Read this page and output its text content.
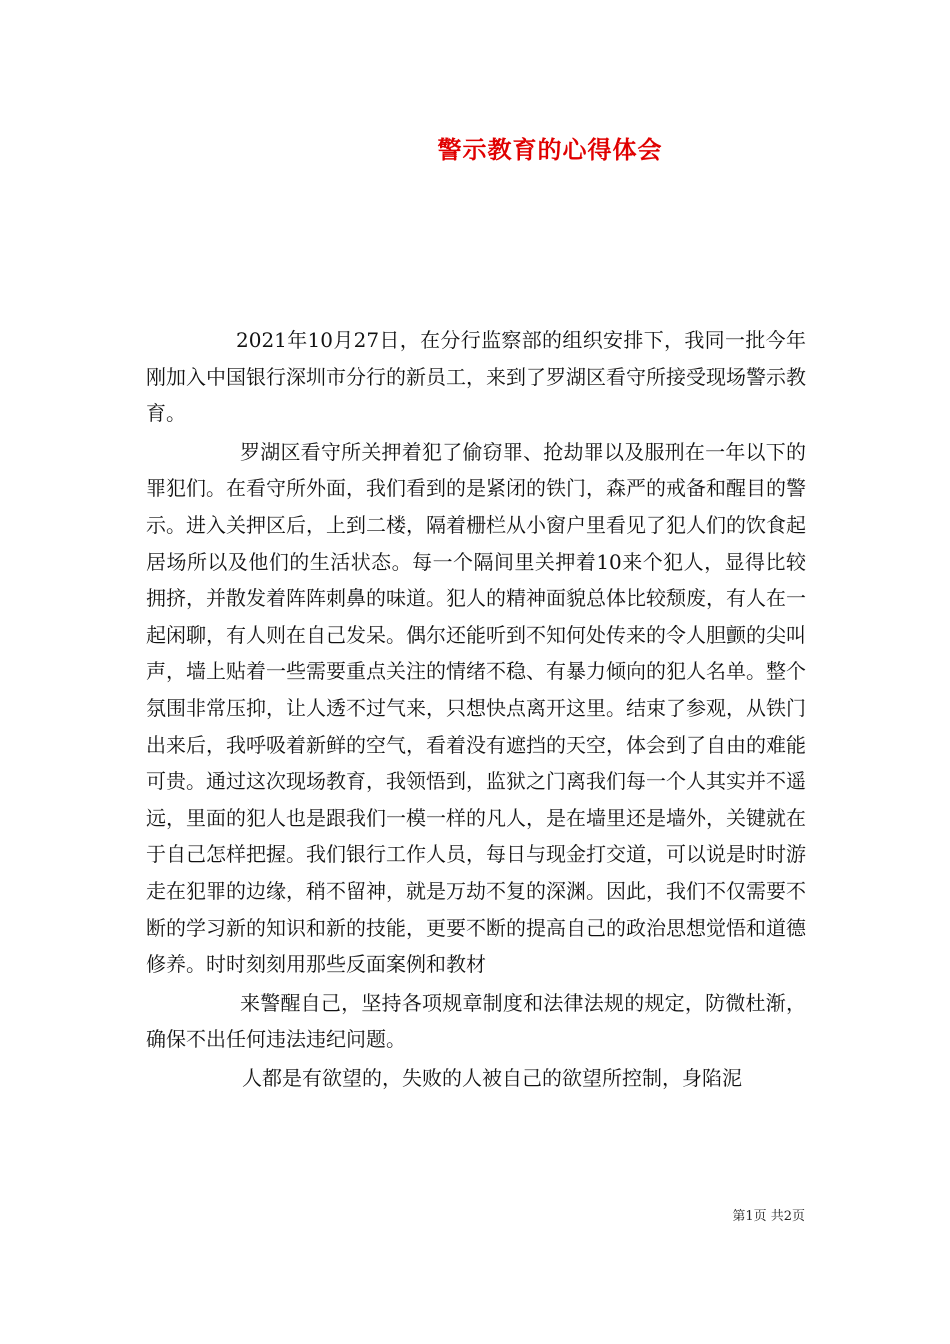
警示教育的心得体会

2021年10月27日，在分行监察部的组织安排下，我同一批今年刚加入中国银行深圳市分行的新员工，来到了罗湖区看守所接受现场警示教育。

罗湖区看守所关押着犯了偷窃罪、抢劫罪以及服刑在一年以下的罪犯们。在看守所外面，我们看到的是紧闭的铁门，森严的戒备和醒目的警示。进入关押区后，上到二楼，隔着栅栏从小窗户里看见了犯人们的饮食起居场所以及他们的生活状态。每一个隔间里关押着10来个犯人，显得比较拥挤，并散发着阵阵刺鼻的味道。犯人的精神面貌总体比较颓废，有人在一起闲聊，有人则在自己发呆。偶尔还能听到不知何处传来的令人胆颤的尖叫声，墙上贴着一些需要重点关注的情绪不稳、有暴力倾向的犯人名单。整个氛围非常压抑，让人透不过气来，只想快点离开这里。结束了参观，从铁门出来后，我呼吸着新鲜的空气，看着没有遮挡的天空，体会到了自由的难能可贵。通过这次现场教育，我领悟到，监狱之门离我们每一个人其实并不遥远，里面的犯人也是跟我们一模一样的凡人，是在墙里还是墙外，关键就在于自己怎样把握。我们银行工作人员，每日与现金打交道，可以说是时时游走在犯罪的边缘，稍不留神，就是万劫不复的深渊。因此，我们不仅需要不断的学习新的知识和新的技能，更要不断的提高自己的政治思想觉悟和道德修养。时时刻刻用那些反面案例和教材

来警醒自己，坚持各项规章制度和法律法规的规定，防微杜渐，确保不出任何违法违纪问题。

人都是有欲望的，失败的人被自己的欲望所控制，身陷泥

第1页 共2页
